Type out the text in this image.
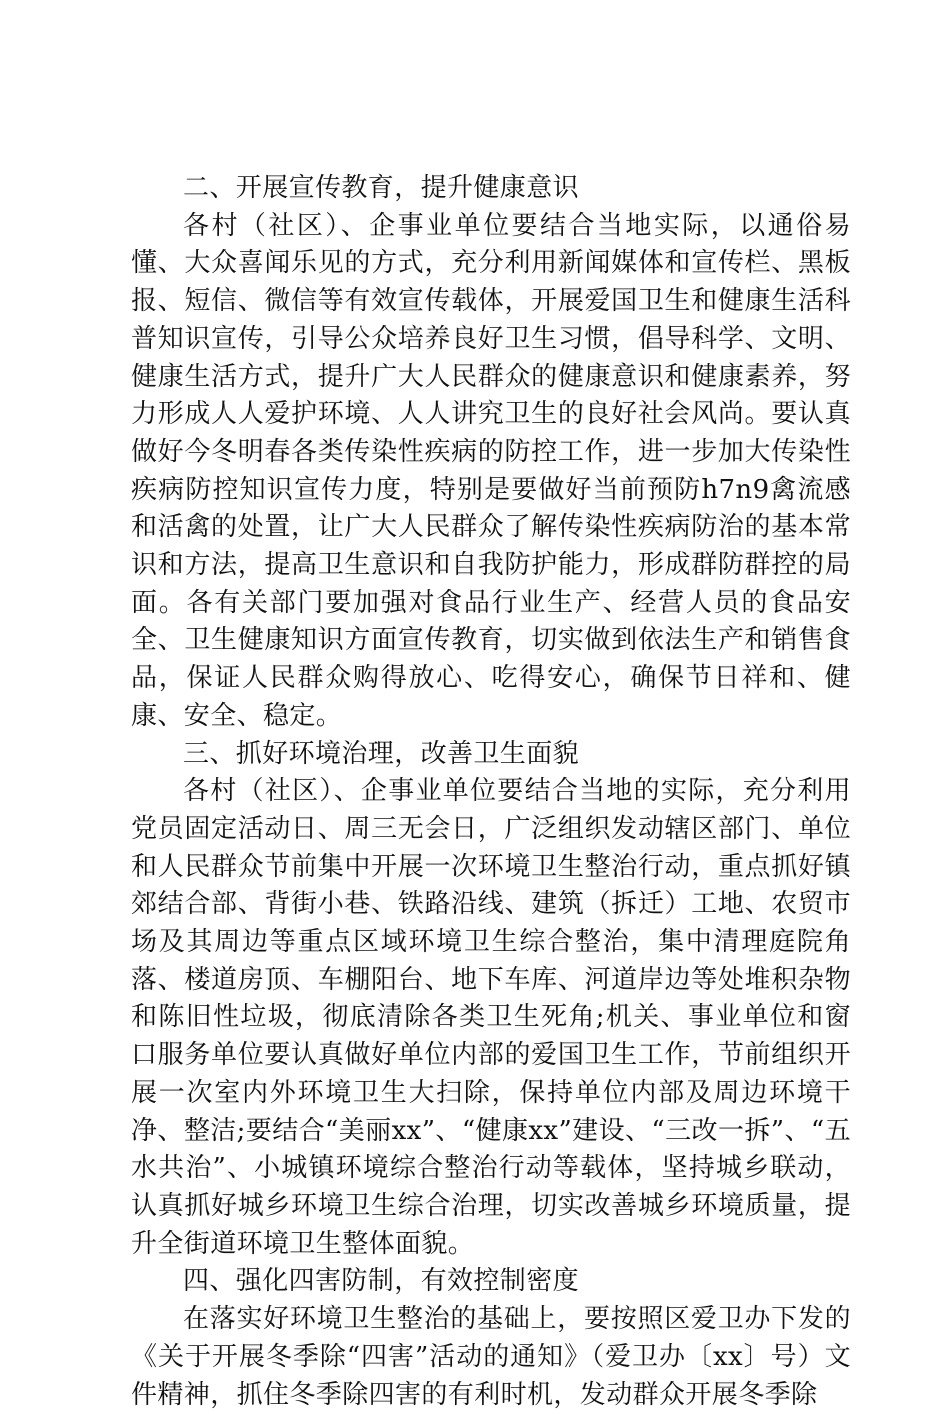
二、开展宣传教育，提升健康意识

各村（社区）、企事业单位要结合当地实际，以通俗易懂、大众喜闻乐见的方式，充分利用新闻媒体和宣传栏、黑板报、短信、微信等有效宣传载体，开展爱国卫生和健康生活科普知识宣传，引导公众培养良好卫生习惯，倡导科学、文明、健康生活方式，提升广大人民群众的健康意识和健康素养，努力形成人人爱护环境、人人讲究卫生的良好社会风尚。要认真做好今冬明春各类传染性疾病的防控工作，进一步加大传染性疾病防控知识宣传力度，特别是要做好当前预防h7n9禽流感和活禽的处置，让广大人民群众了解传染性疾病防治的基本常识和方法，提高卫生意识和自我防护能力，形成群防群控的局面。各有关部门要加强对食品行业生产、经营人员的食品安全、卫生健康知识方面宣传教育，切实做到依法生产和销售食品，保证人民群众购得放心、吃得安心，确保节日祥和、健康、安全、稳定。

三、抓好环境治理，改善卫生面貌

各村（社区）、企事业单位要结合当地的实际，充分利用党员固定活动日、周三无会日，广泛组织发动辖区部门、单位和人民群众节前集中开展一次环境卫生整治行动，重点抓好镇郊结合部、背街小巷、铁路沿线、建筑（拆迁）工地、农贸市场及其周边等重点区域环境卫生综合整治，集中清理庭院角落、楼道房顶、车棚阳台、地下车库、河道岸边等处堆积杂物和陈旧性垃圾，彻底清除各类卫生死角;机关、事业单位和窗口服务单位要认真做好单位内部的爱国卫生工作，节前组织开展一次室内外环境卫生大扫除，保持单位内部及周边环境干净、整洁;要结合“美丽xx”、“健康xx”建设、“三改一拆”、“五水共治”、小城镇环境综合整治行动等载体，坚持城乡联动，认真抓好城乡环境卫生综合治理，切实改善城乡环境质量，提升全街道环境卫生整体面貌。

四、强化四害防制，有效控制密度

在落实好环境卫生整治的基础上，要按照区爱卫办下发的《关于开展冬季除“四害”活动的通知》（爱卫办〔xx〕号）文件精神，抓住冬季除四害的有利时机，发动群众开展冬季除
